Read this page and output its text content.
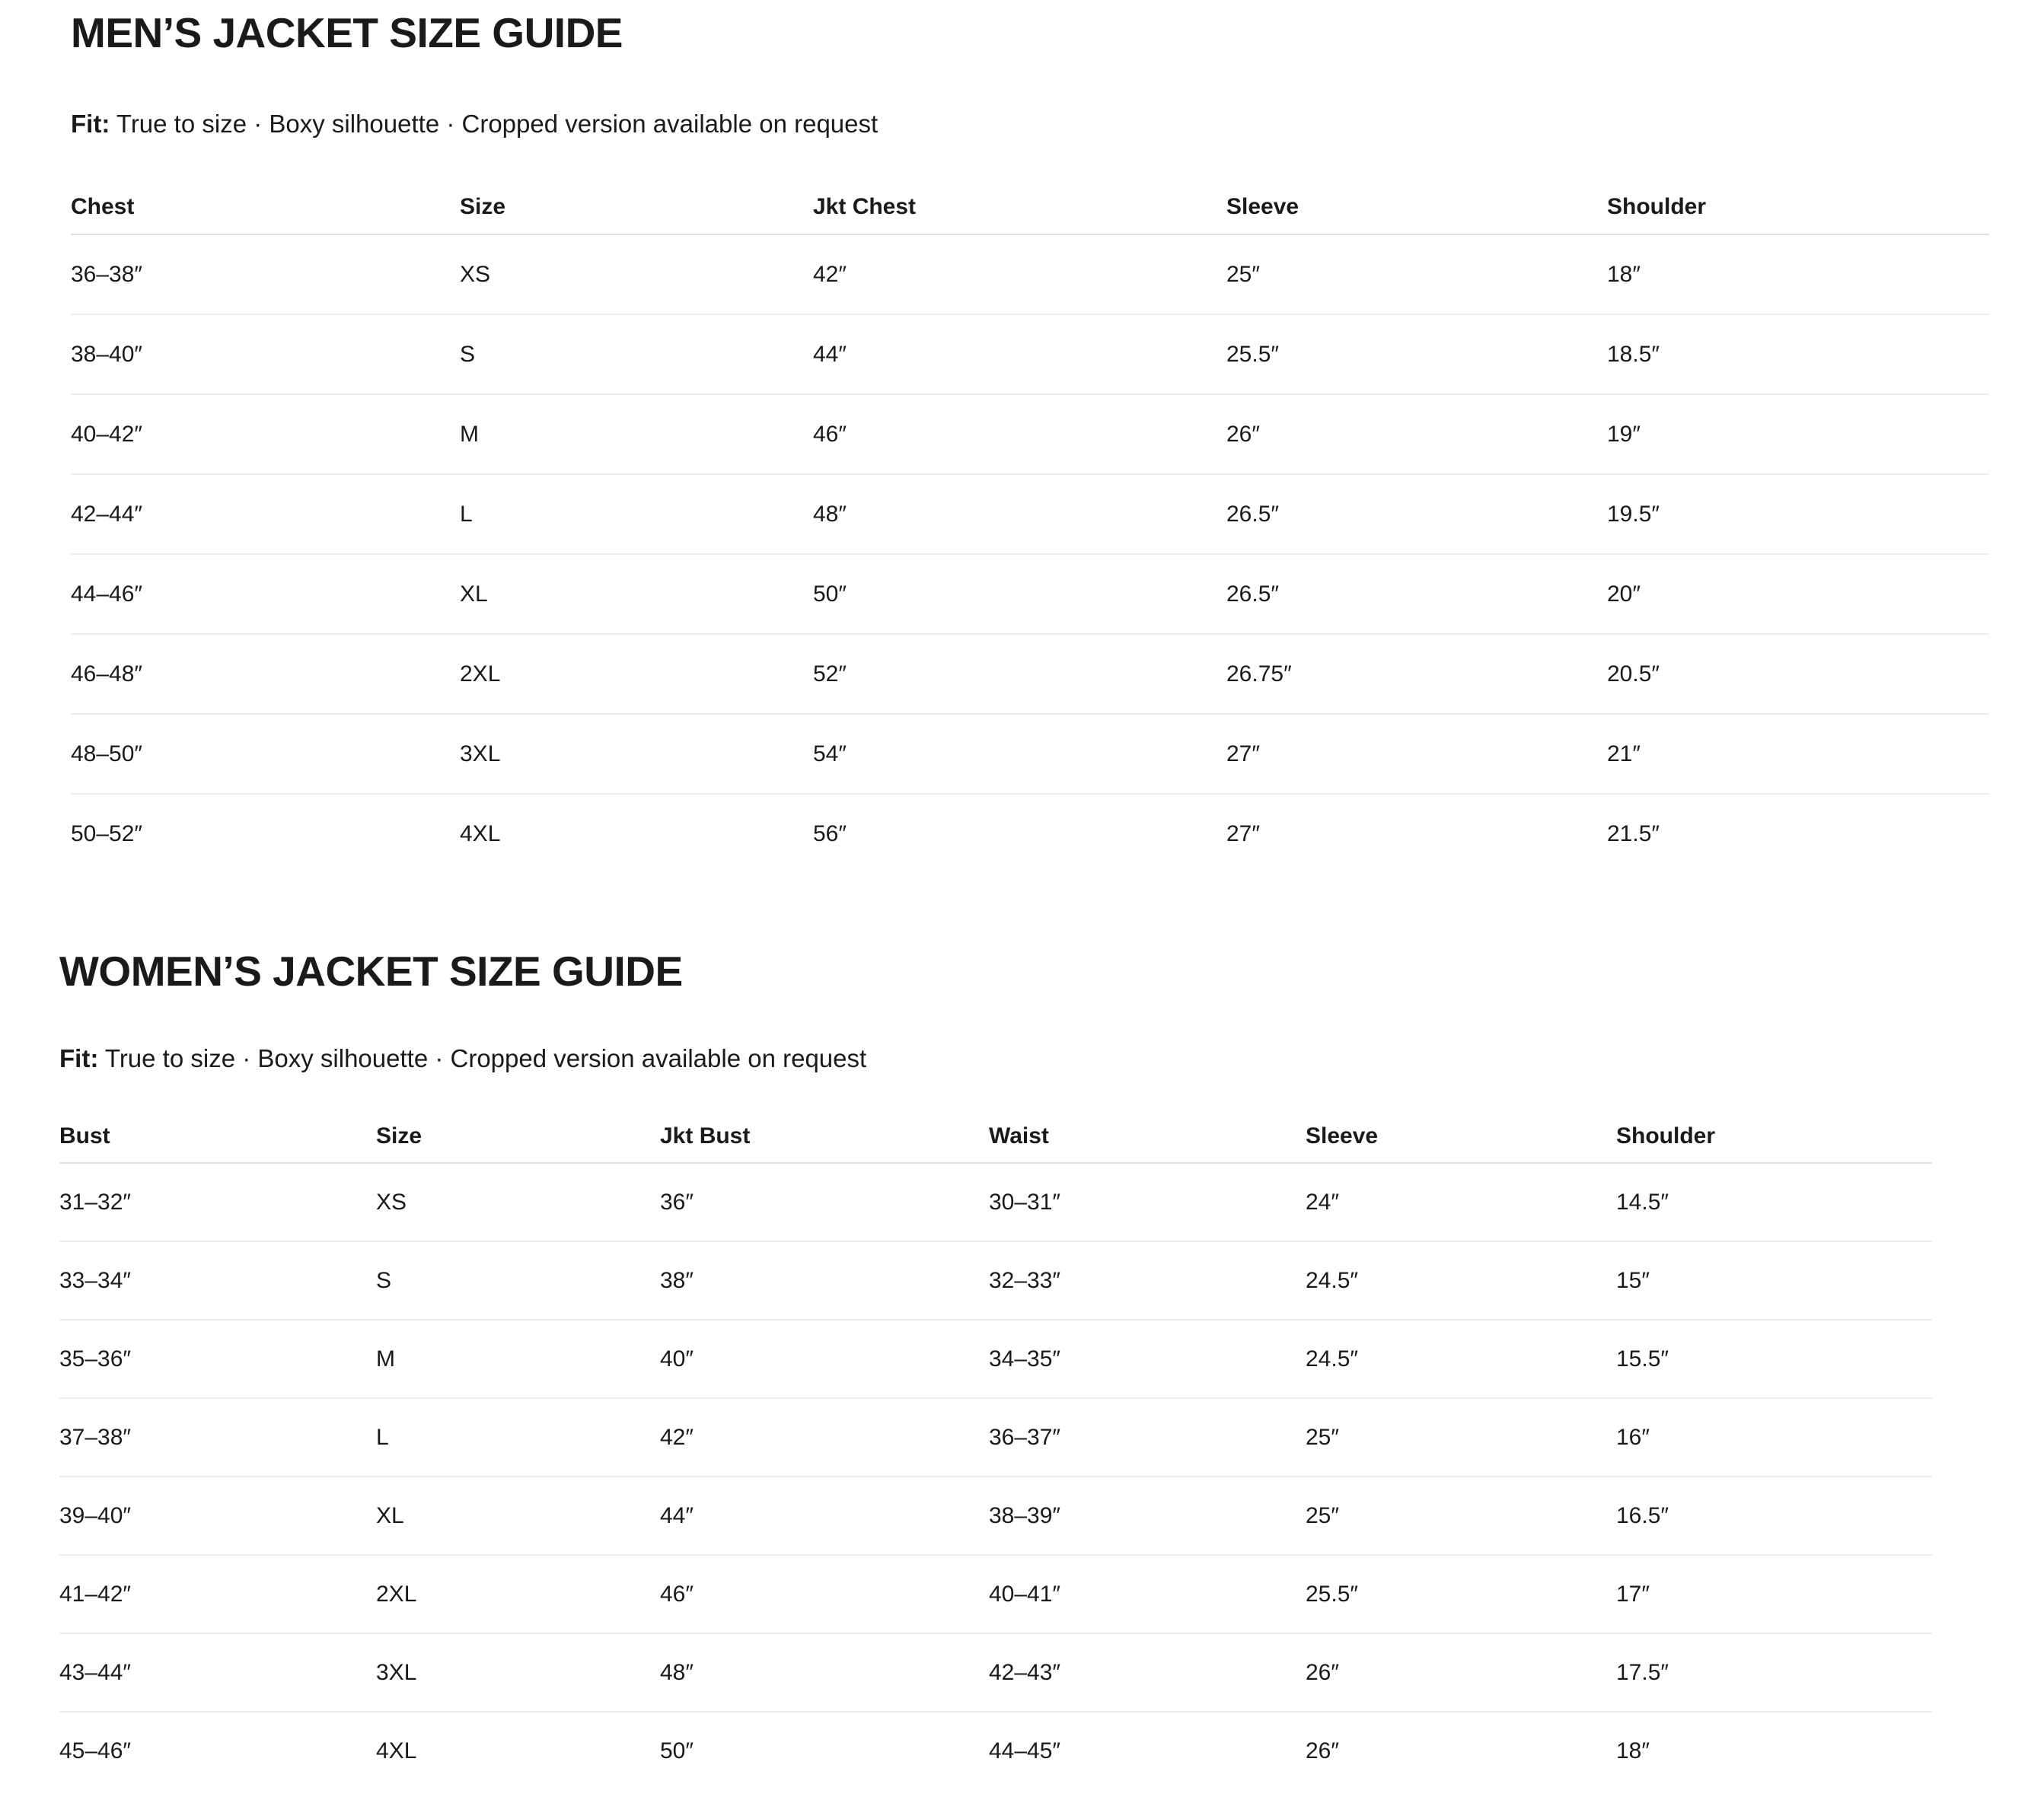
MEN’S JACKET SIZE GUIDE

Fit: True to size · Boxy silhouette · Cropped version available on request

Chest	Size	Jkt Chest	Sleeve	Shoulder
36–38″	XS	42″	25″	18″
38–40″	S	44″	25.5″	18.5″
40–42″	M	46″	26″	19″
42–44″	L	48″	26.5″	19.5″
44–46″	XL	50″	26.5″	20″
46–48″	2XL	52″	26.75″	20.5″
48–50″	3XL	54″	27″	21″
50–52″	4XL	56″	27″	21.5″
WOMEN’S JACKET SIZE GUIDE

Fit: True to size · Boxy silhouette · Cropped version available on request

Bust	Size	Jkt Bust	Waist	Sleeve	Shoulder
31–32″	XS	36″	30–31″	24″	14.5″
33–34″	S	38″	32–33″	24.5″	15″
35–36″	M	40″	34–35″	24.5″	15.5″
37–38″	L	42″	36–37″	25″	16″
39–40″	XL	44″	38–39″	25″	16.5″
41–42″	2XL	46″	40–41″	25.5″	17″
43–44″	3XL	48″	42–43″	26″	17.5″
45–46″	4XL	50″	44–45″	26″	18″
